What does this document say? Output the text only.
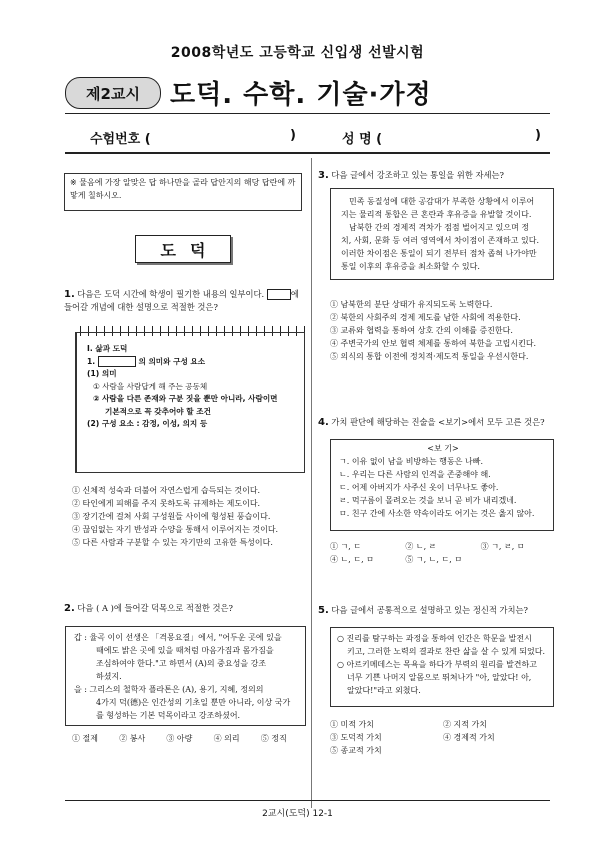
2008학년도 고등학교 신입생 선발시험
제2교시	도덕. 수학. 기술·가정
수험번호 (	)	성 명 (	)
※ 물음에 가장 알맞은 답 하나만을 골라 답안지의 해당 답란에 까맣게 칠하시오.
도덕
1. 다음은 도덕 시간에 학생이 필기한 내용의 일부이다.	에 들어갈 개념에 대한 설명으로 적절한 것은?
I. 삶과 도덕
1.	의 의미와 구성 요소
(1) 의미
① 사람을 사람답게 해 주는 공동체
② 사람을 다른 존재와 구분 짓을 뿐만 아니라, 사람이면
기본적으로 꼭 갖추어야 할 조건
(2) 구성 요소 : 감정, 이성, 의지 등
① 신체적 성숙과 더불어 자연스럽게 습득되는 것이다.
② 타인에게 피해를 주지 못하도록 규제하는 제도이다.
③ 장기간에 걸쳐 사회 구성원들 사이에 형성된 풍습이다.
④ 끊임없는 자기 반성과 수양을 통해서 이루어지는 것이다.
⑤ 다른 사람과 구분할 수 있는 자기만의 고유한 특성이다.
2. 다음 ( A )에 들어갈 덕목으로 적절한 것은?
갑 : 율곡 이이 선생은 「격몽요결」에서, "어두운 곳에 있을
때에도 밝은 곳에 있을 때처럼 마음가짐과 몸가짐을
조심하여야 한다."고 하면서 (A)의 중요성을 강조
하셨지.
을 : 그리스의 철학자 플라톤은 (A), 용기, 지혜, 정의의
4가지 덕(德)은 인간성의 기초일 뿐만 아니라, 이상 국가
를 형성하는 기본 덕목이라고 강조하셨어.
① 절제	② 봉사	③ 아량	④ 의리	⑤ 정직
3. 다음 글에서 강조하고 있는 통일을 위한 자세는?
민족 동질성에 대한 공감대가 부족한 상황에서 이루어
지는 물리적 통합은 큰 혼란과 후유증을 유발할 것이다.
남북한 간의 경제적 격차가 점점 벌어지고 있으며 정
치, 사회, 문화 등 여러 영역에서 차이점이 존재하고 있다.
이러한 차이점은 통일이 되기 전부터 점차 좁혀 나가야만
통일 이후의 후유증을 최소화할 수 있다.
① 남북한의 분단 상태가 유지되도록 노력한다.
② 북한의 사회주의 경제 제도를 남한 사회에 적용한다.
③ 교류와 협력을 통하여 상호 간의 이해를 증진한다.
④ 주변국가의 안보 협력 체제를 통하여 북한을 고립시킨다.
⑤ 의식의 통합 이전에 정치적·제도적 통일을 우선시한다.
4. 가치 판단에 해당하는 진술을 <보기>에서 모두 고른 것은?
<보 기>
ㄱ. 이유 없이 남을 비방하는 행동은 나빠.
ㄴ. 우리는 다른 사람의 인격을 존중해야 해.
ㄷ. 어제 아버지가 사주신 옷이 너무나도 좋아.
ㄹ. 먹구름이 몰려오는 것을 보니 곧 비가 내리겠네.
ㅁ. 친구 간에 사소한 약속이라도 어기는 것은 옳지 않아.
① ㄱ, ㄷ	② ㄴ, ㄹ	③ ㄱ, ㄹ, ㅁ
④ ㄴ, ㄷ, ㅁ	⑤ ㄱ, ㄴ, ㄷ, ㅁ
5. 다음 글에서 공통적으로 설명하고 있는 정신적 가치는?
○ 진리를 탐구하는 과정을 통하여 인간은 학문을 발전시
키고, 그러한 노력의 결과로 찬란 삶을 살 수 있게 되었다.
○ 아르키메데스는 목욕을 하다가 부력의 원리를 발견하고
너무 기쁜 나머지 알몸으로 뛰쳐나가 "아, 알았다! 아,
알았다!"라고 외쳤다.
① 미적 가치	② 지적 가치
③ 도덕적 가치	④ 경제적 가치
⑤ 종교적 가치
2교시(도덕) 12-1
